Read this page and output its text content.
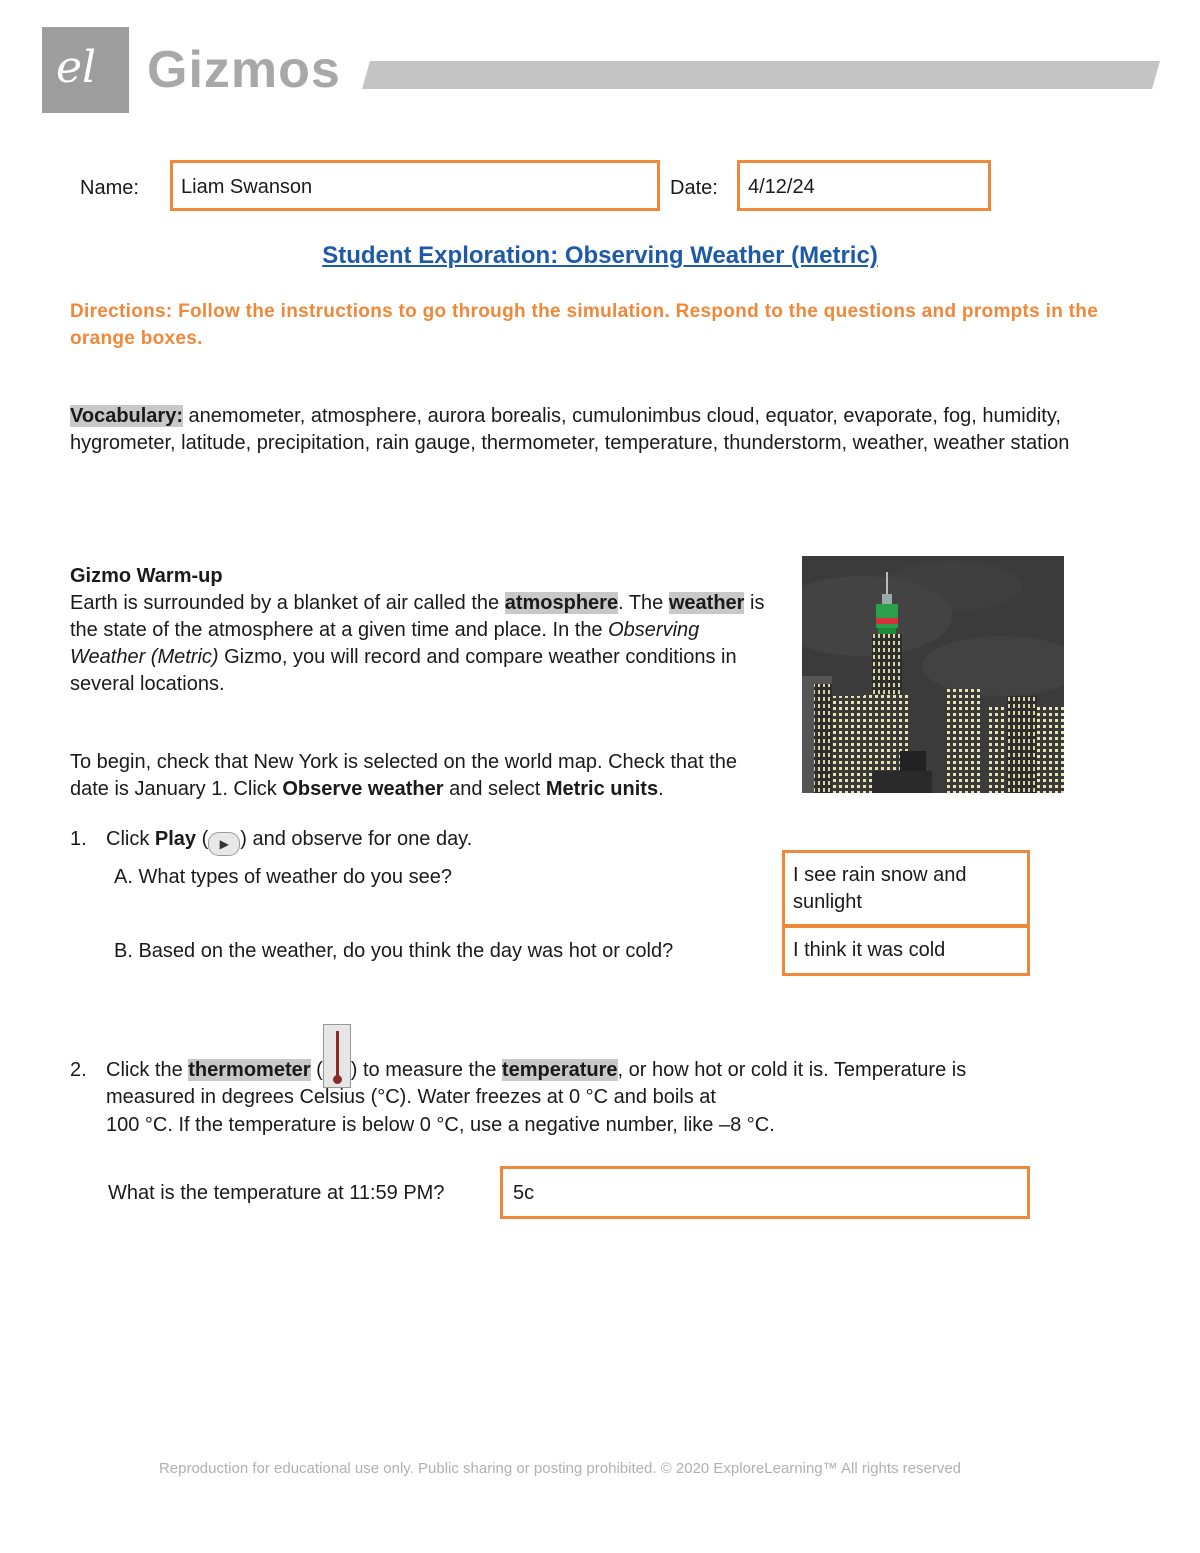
el Gizmos
Name:	Liam Swanson	Date:	4/12/24
Student Exploration: Observing Weather (Metric)
Directions: Follow the instructions to go through the simulation. Respond to the questions and prompts in the orange boxes.
Vocabulary: anemometer, atmosphere, aurora borealis, cumulonimbus cloud, equator, evaporate, fog, humidity, hygrometer, latitude, precipitation, rain gauge, thermometer, temperature, thunderstorm, weather, weather station
Gizmo Warm-up
Earth is surrounded by a blanket of air called the atmosphere. The weather is the state of the atmosphere at a given time and place. In the Observing Weather (Metric) Gizmo, you will record and compare weather conditions in several locations.
To begin, check that New York is selected on the world map. Check that the date is January 1. Click Observe weather and select Metric units.
1. Click Play ( ▶ ) and observe for one day.
A. What types of weather do you see?	I see rain snow and sunlight
B. Based on the weather, do you think the day was hot or cold?	I think it was cold
2. Click the thermometer ( ) to measure the temperature, or how hot or cold it is. Temperature is
measured in degrees Celsius (°C). Water freezes at 0 °C and boils at
100 °C. If the temperature is below 0 °C, use a negative number, like –8 °C.
What is the temperature at 11:59 PM?	5c
Reproduction for educational use only. Public sharing or posting prohibited. © 2020 ExploreLearning™ All rights reserved
